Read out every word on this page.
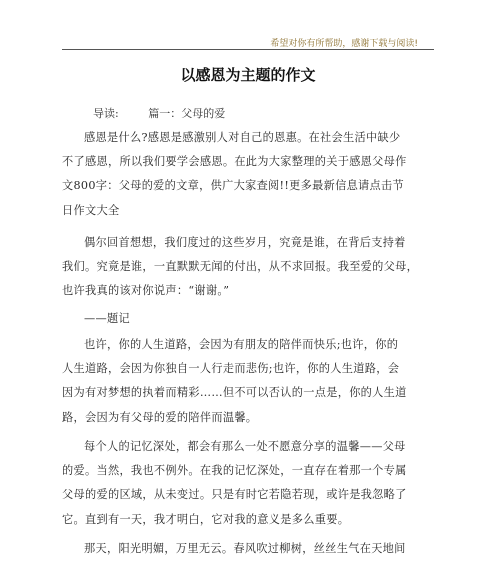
希望对你有所帮助，感谢下载与阅读!
以感恩为主题的作文
导读:	篇一：父母的爱

感恩是什么?感恩是感激别人对自己的恩惠。在社会生活中缺少
不了感恩，所以我们要学会感恩。在此为大家整理的关于感恩父母作
文800字：父母的爱的文章，供广大家查阅!!更多最新信息请点击节
日作文大全

偶尔回首想想，我们度过的这些岁月，究竟是谁，在背后支持着
我们。究竟是谁，一直默默无闻的付出，从不求回报。我至爱的父母，
也许我真的该对你说声：“谢谢。”

——题记

也许，你的人生道路，会因为有朋友的陪伴而快乐;也许，你的
人生道路，会因为你独自一人行走而悲伤;也许，你的人生道路，会
因为有对梦想的执着而精彩……但不可以否认的一点是，你的人生道
路，会因为有父母的爱的陪伴而温馨。

每个人的记忆深处，都会有那么一处不愿意分享的温馨——父母
的爱。当然，我也不例外。在我的记忆深处，一直存在着那一个专属
父母的爱的区域，从未变过。只是有时它若隐若现，或许是我忽略了
它。直到有一天，我才明白，它对我的意义是多么重要。

那天，阳光明媚，万里无云。春风吹过柳树，丝丝生气在天地间
